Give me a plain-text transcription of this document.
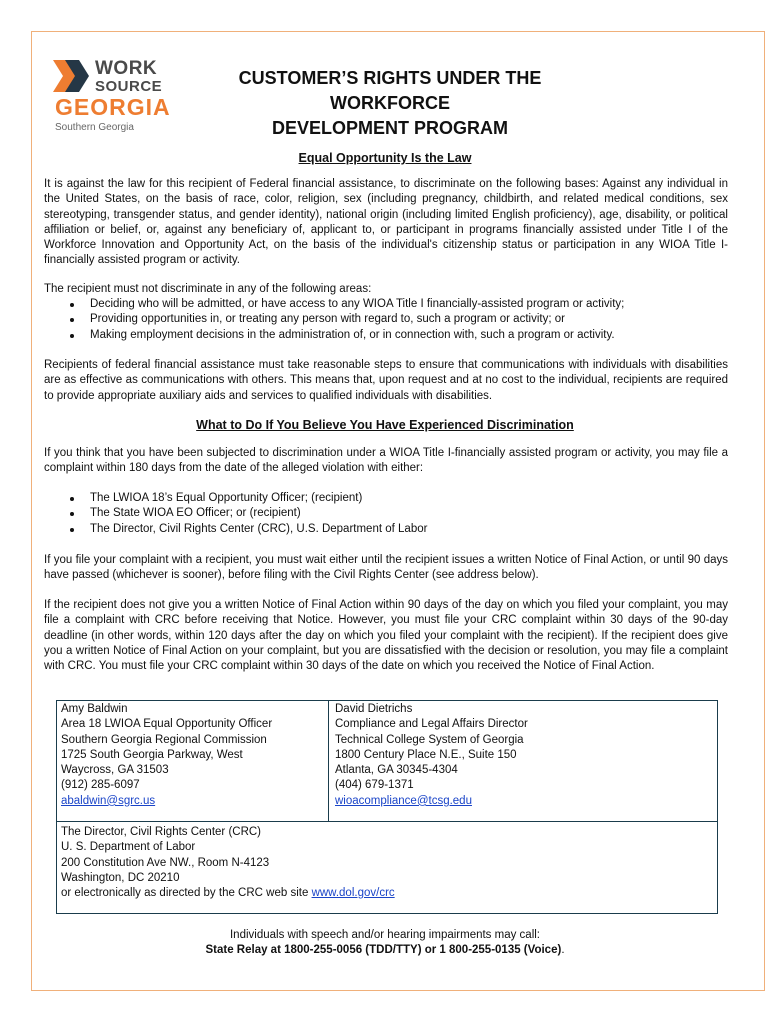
WORK
SOURCE
GEORGIA
Southern Georgia
CUSTOMER’S RIGHTS UNDER THE WORKFORCE
DEVELOPMENT PROGRAM
Equal Opportunity Is the Law

It is against the law for this recipient of Federal financial assistance, to discriminate on the following bases: Against any individual in the United States, on the basis of race, color, religion, sex (including pregnancy, childbirth, and related medical conditions, sex stereotyping, transgender status, and gender identity), national origin (including limited English proficiency), age, disability, or political affiliation or belief, or, against any beneficiary of, applicant to, or participant in programs financially assisted under Title I of the Workforce Innovation and Opportunity Act, on the basis of the individual's citizenship status or participation in any WIOA Title I-financially assisted program or activity.

The recipient must not discriminate in any of the following areas:

Deciding who will be admitted, or have access to any WIOA Title I financially-assisted program or activity;
Providing opportunities in, or treating any person with regard to, such a program or activity; or
Making employment decisions in the administration of, or in connection with, such a program or activity.

Recipients of federal financial assistance must take reasonable steps to ensure that communications with individuals with disabilities are as effective as communications with others. This means that, upon request and at no cost to the individual, recipients are required to provide appropriate auxiliary aids and services to qualified individuals with disabilities.

What to Do If You Believe You Have Experienced Discrimination

If you think that you have been subjected to discrimination under a WIOA Title I-financially assisted program or activity, you may file a complaint within 180 days from the date of the alleged violation with either:

The LWIOA 18’s Equal Opportunity Officer; (recipient)
The State WIOA EO Officer; or (recipient)
The Director, Civil Rights Center (CRC), U.S. Department of Labor

If you file your complaint with a recipient, you must wait either until the recipient issues a written Notice of Final Action, or until 90 days have passed (whichever is sooner), before filing with the Civil Rights Center (see address below).

If the recipient does not give you a written Notice of Final Action within 90 days of the day on which you filed your complaint, you may file a complaint with CRC before receiving that Notice. However, you must file your CRC complaint within 30 days of the 90-day deadline (in other words, within 120 days after the day on which you filed your complaint with the recipient). If the recipient does give you a written Notice of Final Action on your complaint, but you are dissatisfied with the decision or resolution, you may file a complaint with CRC. You must file your CRC complaint within 30 days of the date on which you received the Notice of Final Action.

Amy Baldwin
Area 18 LWIOA Equal Opportunity Officer
Southern Georgia Regional Commission
1725 South Georgia Parkway, West
Waycross, GA 31503
(912) 285-6097
abaldwin@sgrc.us
David Dietrichs
Compliance and Legal Affairs Director
Technical College System of Georgia
1800 Century Place N.E., Suite 150
Atlanta, GA 30345-4304
(404) 679-1371
wioacompliance@tcsg.edu
The Director, Civil Rights Center (CRC)
U. S. Department of Labor
200 Constitution Ave NW., Room N-4123
Washington, DC 20210
or electronically as directed by the CRC web site www.dol.gov/crc
Individuals with speech and/or hearing impairments may call:
State Relay at 1800-255-0056 (TDD/TTY) or 1 800-255-0135 (Voice).
